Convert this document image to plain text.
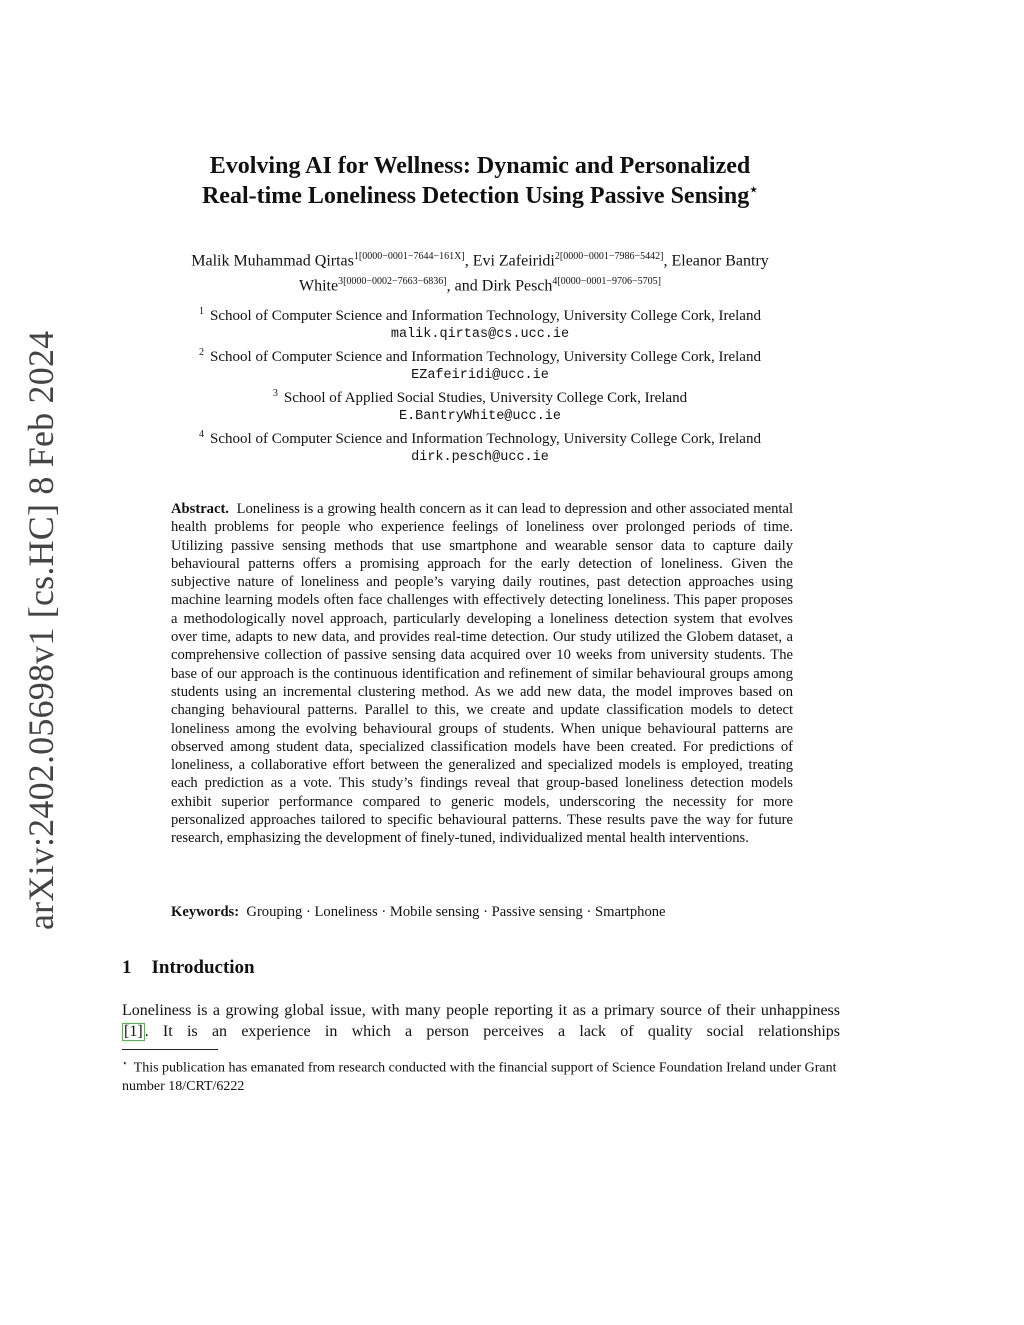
arXiv:2402.05698v1 [cs.HC] 8 Feb 2024
Evolving AI for Wellness: Dynamic and Personalized
Real-time Loneliness Detection Using Passive Sensing⋆
Malik Muhammad Qirtas$^{1[0000-0001-7644-161X]}$, Evi Zafeiridi$^{2[0000-0001-7986-5442]}$, Eleanor Bantry White$^{3[0000-0002-7663-6836]}$, and Dirk Pesch$^{4[0000-0001-9706-5705]}$
$^1$ School of Computer Science and Information Technology, University College Cork, Ireland
malik.qirtas@cs.ucc.ie
$^2$ School of Computer Science and Information Technology, University College Cork, Ireland
EZafeiridi@ucc.ie
$^3$ School of Applied Social Studies, University College Cork, Ireland
E.BantryWhite@ucc.ie
$^4$ School of Computer Science and Information Technology, University College Cork, Ireland
dirk.pesch@ucc.ie
Abstract. Loneliness is a growing health concern as it can lead to depression and other associated mental health problems for people who experience feelings of loneliness over prolonged periods of time. Utilizing passive sensing methods that use smartphone and wearable sensor data to capture daily behavioural patterns offers a promising approach for the early detection of loneliness. Given the subjective nature of loneliness and people’s varying daily routines, past detection approaches using machine learning models often face challenges with effectively detecting loneliness. This paper proposes a methodologically novel approach, particularly developing a loneliness detection system that evolves over time, adapts to new data, and provides real-time detection. Our study utilized the Globem dataset, a comprehensive collection of passive sensing data acquired over 10 weeks from university students. The base of our approach is the continuous identification and refinement of similar behavioural groups among students using an incremental clustering method. As we add new data, the model improves based on changing behavioural patterns. Parallel to this, we create and update classification models to detect loneliness among the evolving behavioural groups of students. When unique behavioural patterns are observed among student data, specialized classification models have been created. For predictions of loneliness, a collaborative effort between the generalized and specialized models is employed, treating each prediction as a vote. This study’s findings reveal that group-based loneliness detection models exhibit superior performance compared to generic models, underscoring the necessity for more personalized approaches tailored to specific behavioural patterns. These results pave the way for future research, emphasizing the development of finely-tuned, individualized mental health interventions.
Keywords: Grouping · Loneliness · Mobile sensing · Passive sensing · Smartphone
1 Introduction
Loneliness is a growing global issue, with many people reporting it as a primary source of their unhappiness [1] . It is an experience in which a person perceives a lack of quality social relationships
⋆ This publication has emanated from research conducted with the financial support of Science Foundation Ireland under Grant number 18/CRT/6222
